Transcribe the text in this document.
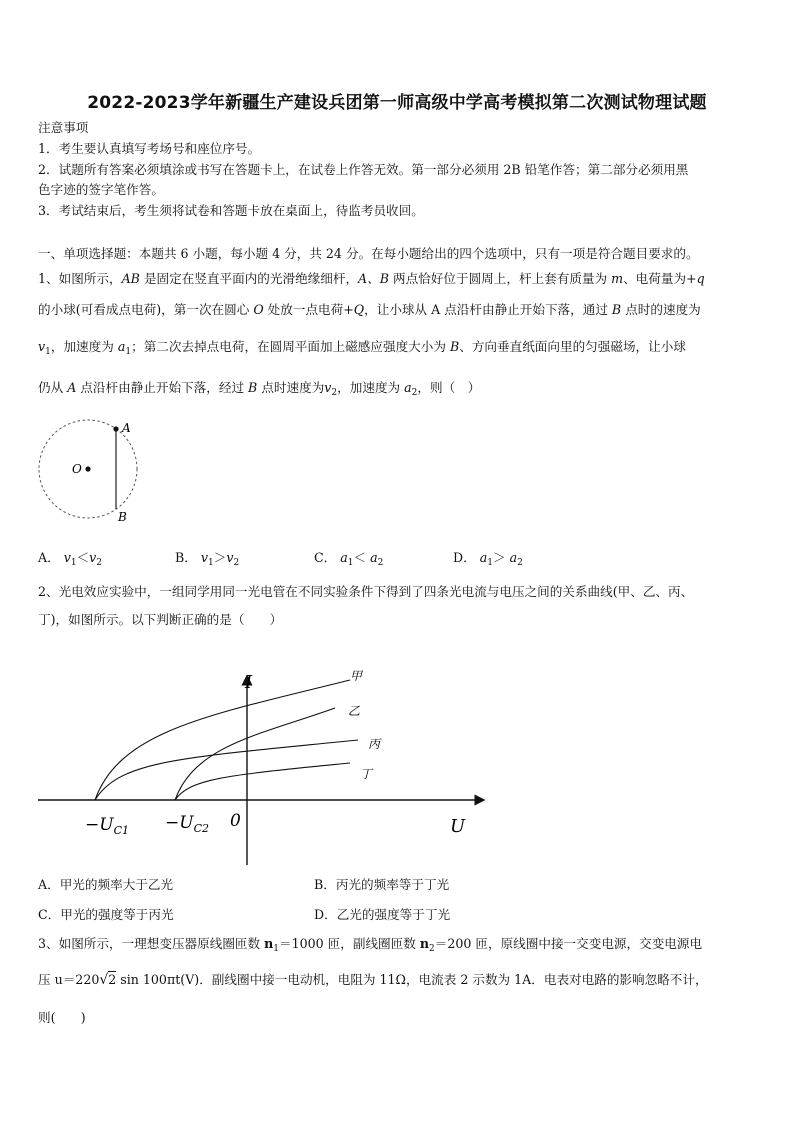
2022-2023学年新疆生产建设兵团第一师高级中学高考模拟第二次测试物理试题
注意事项
1．考生要认真填写考场号和座位序号。
2．试题所有答案必须填涂或书写在答题卡上，在试卷上作答无效。第一部分必须用 2B 铅笔作答；第二部分必须用黑
色字迹的签字笔作答。
3．考试结束后，考生须将试卷和答题卡放在桌面上，待监考员收回。
一、单项选择题：本题共 6 小题，每小题 4 分，共 24 分。在每小题给出的四个选项中，只有一项是符合题目要求的。
1、如图所示，AB 是固定在竖直平面内的光滑绝缘细杆，A、B 两点恰好位于圆周上，杆上套有质量为 m、电荷量为+q
的小球(可看成点电荷)，第一次在圆心 O 处放一点电荷+Q，让小球从 A 点沿杆由静止开始下落，通过 B 点时的速度为
$v_1$，加速度为 $a_1$；第二次去掉点电荷，在圆周平面加上磁感应强度大小为 B、方向垂直纸面向里的匀强磁场，让小球
仍从 A 点沿杆由静止开始下落，经过 B 点时速度为$v_2$，加速度为 $a_2$，则（　）
A
O
B
A． $v_1<v_2$	B． $v_1>v_2$	C． $a_1< a_2$	D． $a_1> a_2$
2、光电效应实验中，一组同学用同一光电管在不同实验条件下得到了四条光电流与电压之间的关系曲线(甲、乙、丙、
丁)，如图所示。以下判断正确的是（　　）
甲
乙
丙
丁
I
U
0
$-U_{C1} -U_{C2}$
A．甲光的频率大于乙光	B．丙光的频率等于丁光
C．甲光的强度等于丙光	D．乙光的强度等于丁光
3、如图所示，一理想变压器原线圈匝数 $n_1=1000$ 匝，副线圈匝数 $n_2=200$ 匝，原线圈中接一交变电源，交变电源电
压 u＝220√2 sin 100πt(V)．副线圈中接一电动机，电阻为 11Ω，电流表 2 示数为 1A．电表对电路的影响忽略不计，
则(　　)
